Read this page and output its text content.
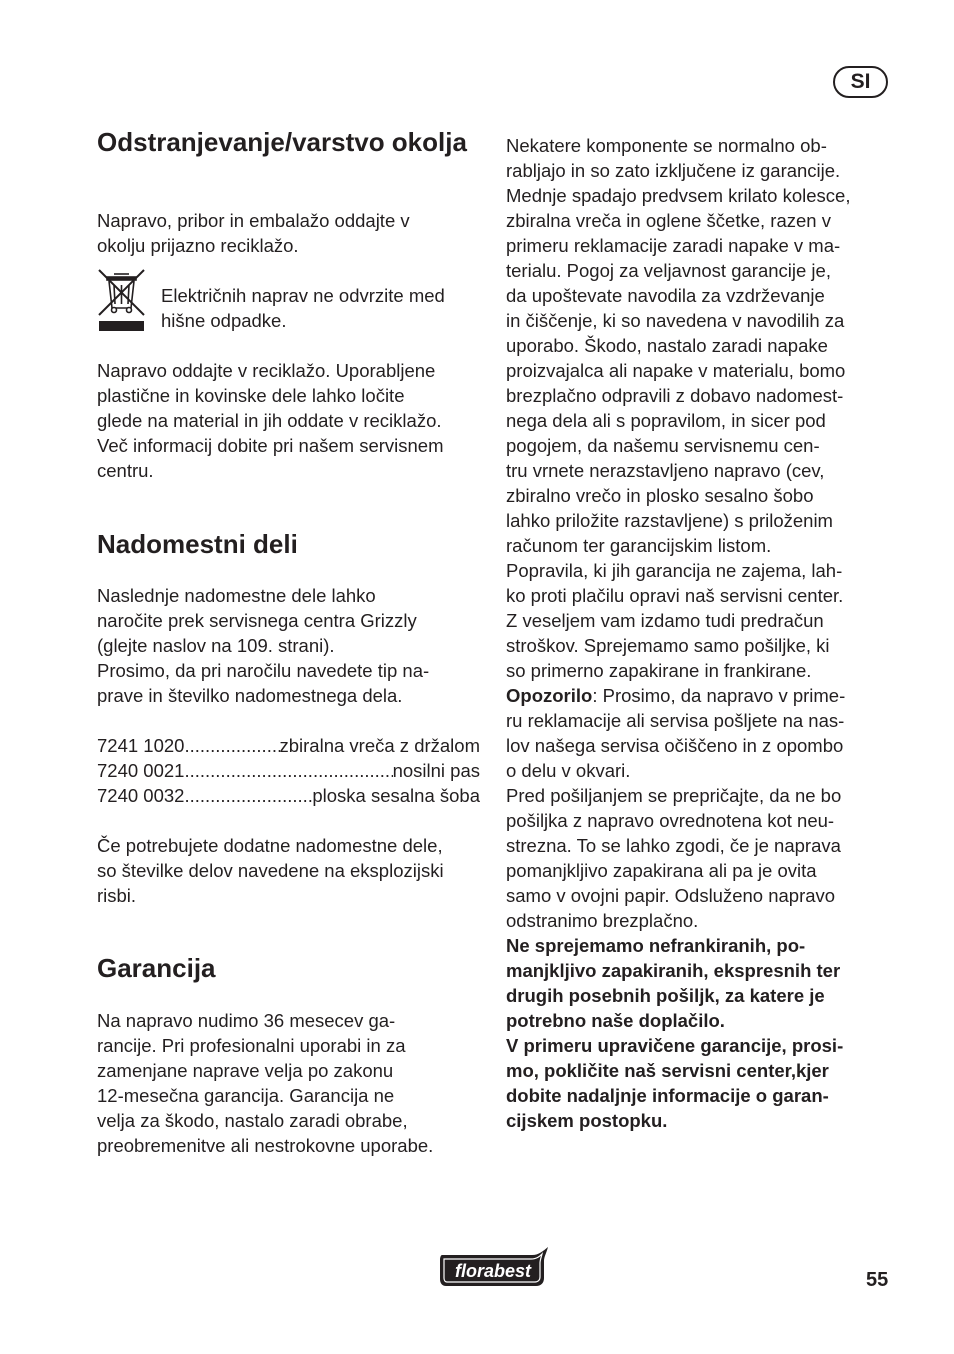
SI
Odstranjevanje/varstvo okolja

Napravo, pribor in embalažo oddajte v
okolju prijazno reciklažo.

Napravo oddajte v reciklažo. Uporabljene
plastične in kovinske dele lahko ločite
glede na material in jih oddate v reciklažo.
Več informacij dobite pri našem servisnem
centru.

Nadomestni deli

Naslednje nadomestne dele lahko
naročite prek servisnega centra Grizzly
(glejte naslov na 109. strani).
Prosimo, da pri naročilu navedete tip na-
prave in številko nadomestnega dela.

7241 1020 .....	zbiralna vreča z držalom
7240 0021 .....	nosilni pas
7240 0032 .....	ploska sesalna šoba

Če potrebujete dodatne nadomestne dele,
so številke delov navedene na eksplozijski
risbi.

Garancija

Na napravo nudimo 36 mesecev ga-
rancije. Pri profesionalni uporabi in za
zamenjane naprave velja po zakonu
12-mesečna garancija. Garancija ne
velja za škodo, nastalo zaradi obrabe,
preobremenitve ali nestrokovne uporabe.

Električnih naprav ne odvrzite med
hišne odpadke.

Nekatere komponente se normalno ob-
rabljajo in so zato izključene iz garancije.
Mednje spadajo predvsem krilato kolesce,
zbiralna vreča in oglene ščetke, razen v
primeru reklamacije zaradi napake v ma-
terialu. Pogoj za veljavnost garancije je,
da upoštevate navodila za vzdrževanje
in čiščenje, ki so navedena v navodilih za
uporabo. Škodo, nastalo zaradi napake
proizvajalca ali napake v materialu, bomo
brezplačno odpravili z dobavo nadomest-
nega dela ali s popravilom, in sicer pod
pogojem, da našemu servisnemu cen-
tru vrnete nerazstavljeno napravo (cev,
zbiralno vrečo in plosko sesalno šobo
lahko priložite razstavljene) s priloženim
računom ter garancijskim listom.
Popravila, ki jih garancija ne zajema, lah-
ko proti plačilu opravi naš servisni center.
Z veseljem vam izdamo tudi predračun
stroškov. Sprejemamo samo pošiljke, ki
so primerno zapakirane in frankirane.

Opozorilo: Prosimo, da napravo v prime-
ru reklamacije ali servisa pošljete na nas-
lov našega servisa očiščeno in z opombo
o delu v okvari.
Pred pošiljanjem se prepričajte, da ne bo
pošiljka z napravo ovrednotena kot neu-
strezna. To se lahko zgodi, če je naprava
pomanjkljivo zapakirana ali pa je ovita
samo v ovojni papir. Odsluženo napravo
odstranimo brezplačno.

Ne sprejemamo nefrankiranih, po-
manjkljivo zapakiranih, ekspresnih ter
drugih posebnih pošiljk, za katere je
potrebno naše doplačilo.

V primeru upravičene garancije, prosi-
mo, pokličite naš servisni center,kjer
dobite nadaljnje informacije o garan-
cijskem postopku.

florabest	55
